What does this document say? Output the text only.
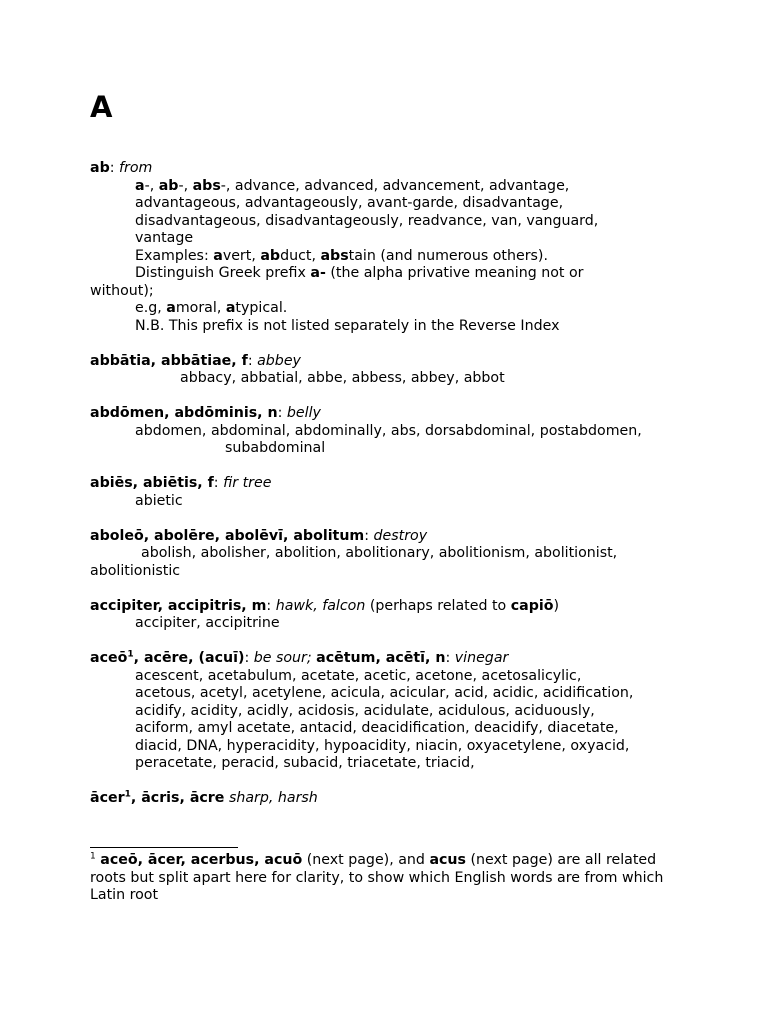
A

ab: from

a-, ab-, abs-, advance, advanced, advancement, advantage,

advantageous, advantageously, avant-garde, disadvantage,

disadvantageous, disadvantageously, readvance, van, vanguard,

vantage

Examples: avert, abduct, abstain (and numerous others).

Distinguish Greek prefix a- (the alpha privative meaning not or

without);

e.g, amoral, atypical.

N.B. This prefix is not listed separately in the Reverse Index

abbātia, abbātiae, f: abbey

abbacy, abbatial, abbe, abbess, abbey, abbot

abdōmen, abdōminis, n: belly

abdomen, abdominal, abdominally, abs, dorsabdominal, postabdomen,

subabdominal

abiēs, abiētis, f: fir tree

abietic

aboleō, abolēre, abolēvī, abolitum: destroy

abolish, abolisher, abolition, abolitionary, abolitionism, abolitionist,

abolitionistic

accipiter, accipitris, m: hawk, falcon (perhaps related to capiō)

accipiter, accipitrine

aceō$^1$, acēre, (acuī): be sour; acētum, acētī, n: vinegar

acescent, acetabulum, acetate, acetic, acetone, acetosalicylic,

acetous, acetyl, acetylene, acicula, acicular, acid, acidic, acidification,

acidify, acidity, acidly, acidosis, acidulate, acidulous, aciduously,

aciform, amyl acetate, antacid, deacidification, deacidify, diacetate,

diacid, DNA, hyperacidity, hypoacidity, niacin, oxyacetylene, oxyacid,

peracetate, peracid, subacid, triacetate, triacid,

ācer$^1$, ācris, ācre sharp, harsh

$^1$ aceō, ācer, acerbus, acuō (next page), and acus (next page) are all related

roots but split apart here for clarity, to show which English words are from which

Latin root
